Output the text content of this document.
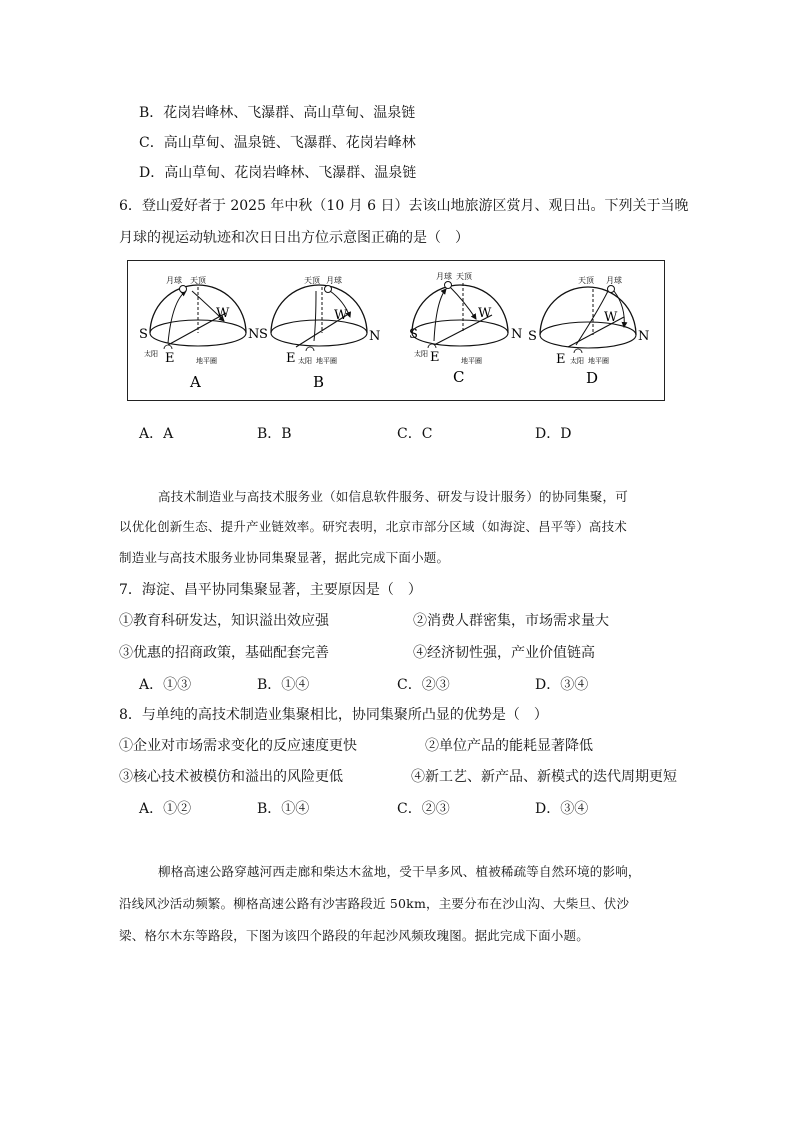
B．花岗岩峰林、飞瀑群、高山草甸、温泉链
C．高山草甸、温泉链、飞瀑群、花岗岩峰林
D．高山草甸、花岗岩峰林、飞瀑群、温泉链
6．登山爱好者于 2025 年中秋（10 月 6 日）去该山地旅游区赏月、观日出。下列关于当晚
月球的视运动轨迹和次日日出方位示意图正确的是（　）
月球 天顶
S	N
E
W
太阳
地平圈
A
天顶 月球
S	N
E
W
太阳 地平圈
B
月球 天顶
S	N
E
W
太阳
地平圈
C
天顶 月球
S	N
E
W
太阳 地平圈
D
A．A	B．B	C．C	D．D
高技术制造业与高技术服务业（如信息软件服务、研发与设计服务）的协同集聚，可
以优化创新生态、提升产业链效率。研究表明，北京市部分区域（如海淀、昌平等）高技术
制造业与高技术服务业协同集聚显著，据此完成下面小题。
7．海淀、昌平协同集聚显著，主要原因是（　）
①教育科研发达，知识溢出效应强	②消费人群密集，市场需求量大
③优惠的招商政策，基础配套完善	④经济韧性强，产业价值链高
A．①③	B．①④	C．②③	D．③④
8．与单纯的高技术制造业集聚相比，协同集聚所凸显的优势是（　）
①企业对市场需求变化的反应速度更快	②单位产品的能耗显著降低
③核心技术被模仿和溢出的风险更低	④新工艺、新产品、新模式的迭代周期更短
A．①②	B．①④	C．②③	D．③④
柳格高速公路穿越河西走廊和柴达木盆地，受干旱多风、植被稀疏等自然环境的影响，
沿线风沙活动频繁。柳格高速公路有沙害路段近 50km，主要分布在沙山沟、大柴旦、伏沙
梁、格尔木东等路段，下图为该四个路段的年起沙风频玫瑰图。据此完成下面小题。
